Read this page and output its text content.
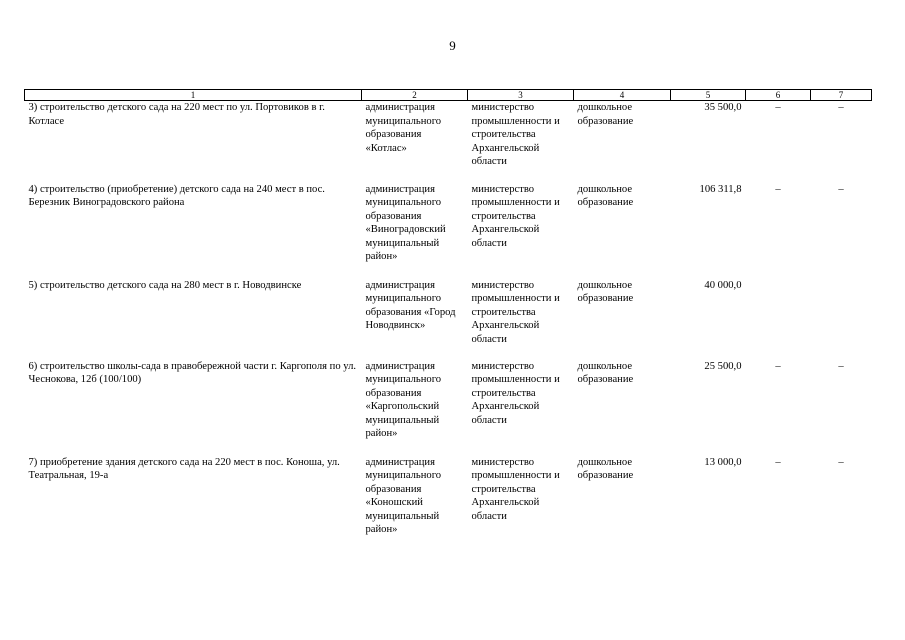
9
1	2	3	4	5	6	7
3) строительство детского сада на 220 мест по ул. Портовиков в г. Котласе	администрация муниципального образования «Котлас»	министерство промышленности и строительства Архангельской области	дошкольное образование	35 500,0	–	–
4) строительство (приобретение) детского сада на 240 мест в пос. Березник Виноградовского района	администрация муниципального образования «Виноградовский муниципальный район»	министерство промышленности и строительства Архангельской области	дошкольное образование	106 311,8	–	–
5) строительство детского сада на 280 мест в г. Новодвинске	администрация муниципального образования «Город Новодвинск»	министерство промышленности и строительства Архангельской области	дошкольное образование	40 000,0		
6) строительство школы-сада в правобережной части г. Каргополя по ул. Чеснокова, 12б (100/100)	администрация муниципального образования «Каргопольский муниципальный район»	министерство промышленности и строительства Архангельской области	дошкольное образование	25 500,0	–	–
7) приобретение здания детского сада на 220 мест в пос. Коноша, ул. Театральная, 19-а	администрация муниципального образования «Коношский муниципальный район»	министерство промышленности и строительства Архангельской области	дошкольное образование	13 000,0	–	–
